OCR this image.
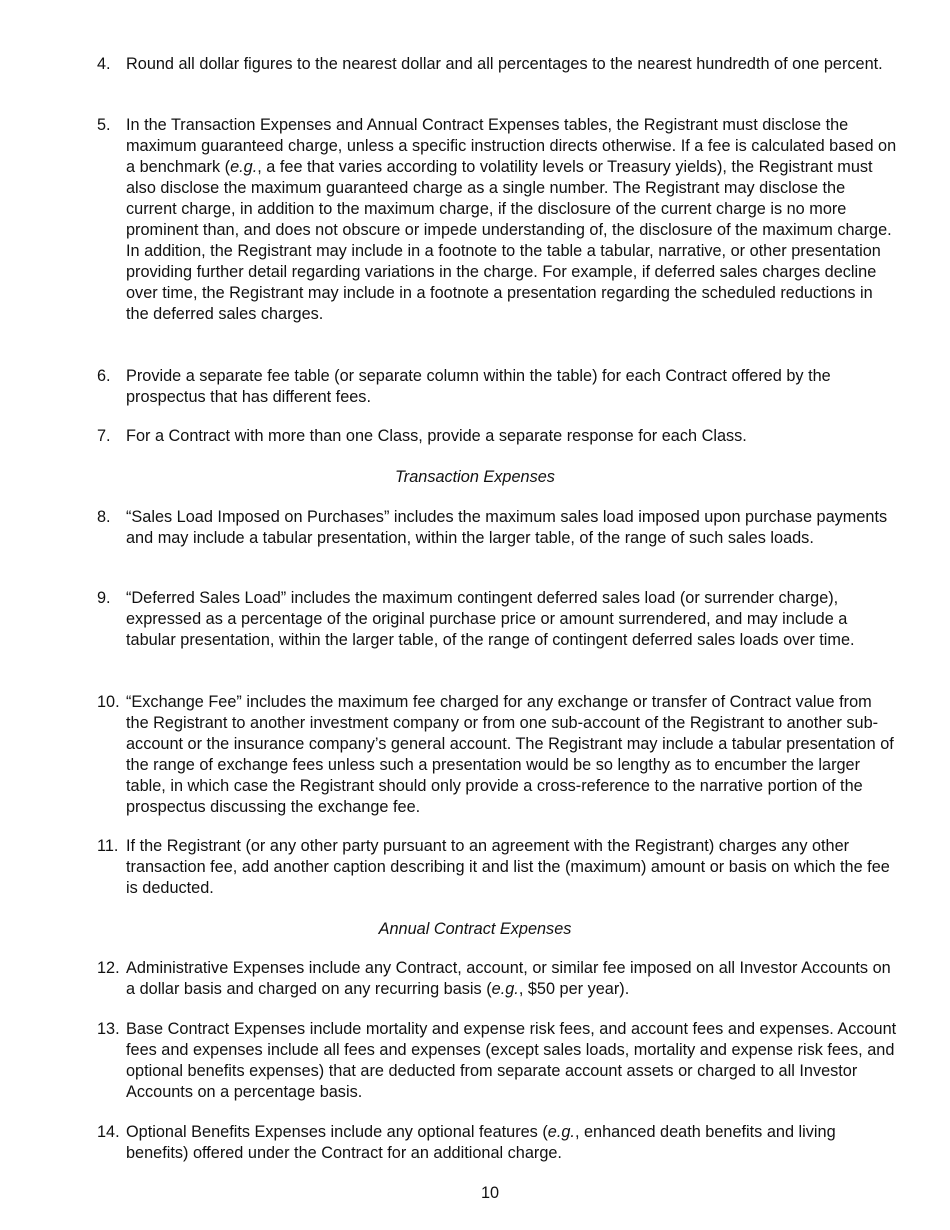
4. Round all dollar figures to the nearest dollar and all percentages to the nearest hundredth of one percent.
5. In the Transaction Expenses and Annual Contract Expenses tables, the Registrant must disclose the maximum guaranteed charge, unless a specific instruction directs otherwise. If a fee is calculated based on a benchmark (e.g., a fee that varies according to volatility levels or Treasury yields), the Registrant must also disclose the maximum guaranteed charge as a single number. The Registrant may disclose the current charge, in addition to the maximum charge, if the disclosure of the current charge is no more prominent than, and does not obscure or impede understanding of, the disclosure of the maximum charge. In addition, the Registrant may include in a footnote to the table a tabular, narrative, or other presentation providing further detail regarding variations in the charge. For example, if deferred sales charges decline over time, the Registrant may include in a footnote a presentation regarding the scheduled reductions in the deferred sales charges.
6. Provide a separate fee table (or separate column within the table) for each Contract offered by the prospectus that has different fees.
7. For a Contract with more than one Class, provide a separate response for each Class.
8. “Sales Load Imposed on Purchases” includes the maximum sales load imposed upon purchase payments and may include a tabular presentation, within the larger table, of the range of such sales loads.
9. “Deferred Sales Load” includes the maximum contingent deferred sales load (or surrender charge), expressed as a percentage of the original purchase price or amount surrendered, and may include a tabular presentation, within the larger table, of the range of contingent deferred sales loads over time.
10. “Exchange Fee” includes the maximum fee charged for any exchange or transfer of Contract value from the Registrant to another investment company or from one sub-account of the Registrant to another sub-account or the insurance company’s general account. The Registrant may include a tabular presentation of the range of exchange fees unless such a presentation would be so lengthy as to encumber the larger table, in which case the Registrant should only provide a cross-reference to the narrative portion of the prospectus discussing the exchange fee.
11. If the Registrant (or any other party pursuant to an agreement with the Registrant) charges any other transaction fee, add another caption describing it and list the (maximum) amount or basis on which the fee is deducted.
12. Administrative Expenses include any Contract, account, or similar fee imposed on all Investor Accounts on a dollar basis and charged on any recurring basis (e.g., $50 per year).
13. Base Contract Expenses include mortality and expense risk fees, and account fees and expenses. Account fees and expenses include all fees and expenses (except sales loads, mortality and expense risk fees, and optional benefits expenses) that are deducted from separate account assets or charged to all Investor Accounts on a percentage basis.
14. Optional Benefits Expenses include any optional features (e.g., enhanced death benefits and living benefits) offered under the Contract for an additional charge.
Transaction Expenses
Annual Contract Expenses
10
